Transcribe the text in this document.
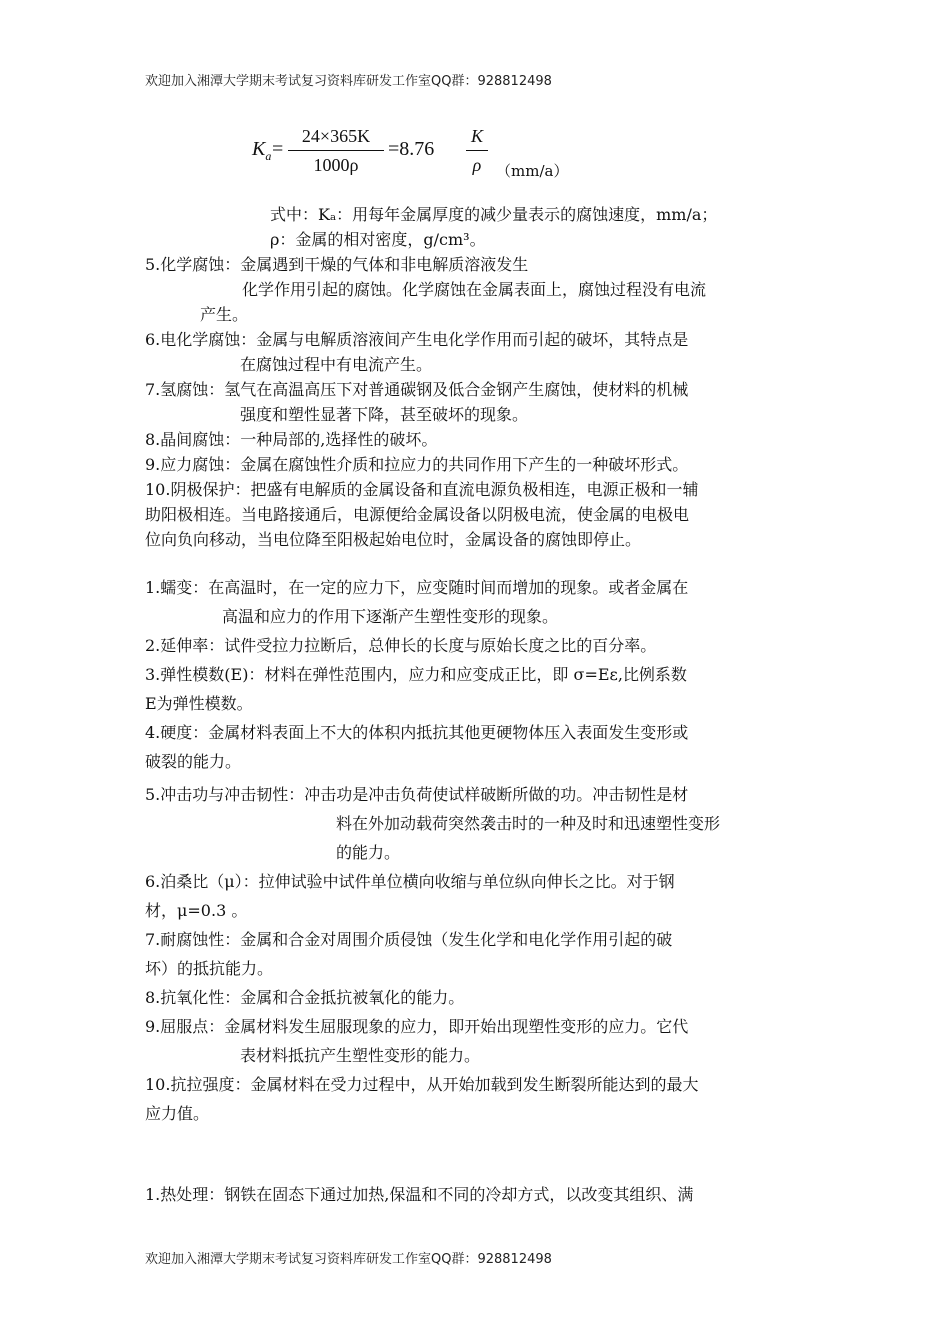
欢迎加入湘潭大学期末考试复习资料库研发工作室QQ群：928812498
$K_a$ =
24×365K
1000ρ
=8.76
K
ρ （mm/a）
式中：Kₐ：用每年金属厚度的减少量表示的腐蚀速度，mm/a；
ρ：金属的相对密度，g/cm³。
5.化学腐蚀：金属遇到干燥的气体和非电解质溶液发生
化学作用引起的腐蚀。化学腐蚀在金属表面上，腐蚀过程没有电流
产生。
6.电化学腐蚀：金属与电解质溶液间产生电化学作用而引起的破坏，其特点是
在腐蚀过程中有电流产生。
7.氢腐蚀：氢气在高温高压下对普通碳钢及低合金钢产生腐蚀，使材料的机械
强度和塑性显著下降，甚至破坏的现象。
8.晶间腐蚀：一种局部的,选择性的破坏。
9.应力腐蚀：金属在腐蚀性介质和拉应力的共同作用下产生的一种破坏形式。
10.阴极保护：把盛有电解质的金属设备和直流电源负极相连，电源正极和一辅
助阳极相连。当电路接通后，电源便给金属设备以阴极电流，使金属的电极电
位向负向移动，当电位降至阳极起始电位时，金属设备的腐蚀即停止。
1.蠕变：在高温时，在一定的应力下，应变随时间而增加的现象。或者金属在
高温和应力的作用下逐渐产生塑性变形的现象。
2.延伸率：试件受拉力拉断后，总伸长的长度与原始长度之比的百分率。
3.弹性模数(E)：材料在弹性范围内，应力和应变成正比，即 σ=Eε,比例系数
E为弹性模数。
4.硬度：金属材料表面上不大的体积内抵抗其他更硬物体压入表面发生变形或
破裂的能力。
5.冲击功与冲击韧性：冲击功是冲击负荷使试样破断所做的功。冲击韧性是材
料在外加动载荷突然袭击时的一种及时和迅速塑性变形
的能力。
6.泊桑比（μ）：拉伸试验中试件单位横向收缩与单位纵向伸长之比。对于钢
材，μ=0.3 。
7.耐腐蚀性：金属和合金对周围介质侵蚀（发生化学和电化学作用引起的破
坏）的抵抗能力。
8.抗氧化性：金属和合金抵抗被氧化的能力。
9.屈服点：金属材料发生屈服现象的应力，即开始出现塑性变形的应力。它代
表材料抵抗产生塑性变形的能力。
10.抗拉强度：金属材料在受力过程中，从开始加载到发生断裂所能达到的最大
应力值。
1.热处理：钢铁在固态下通过加热,保温和不同的冷却方式，以改变其组织、满
欢迎加入湘潭大学期末考试复习资料库研发工作室QQ群：928812498
